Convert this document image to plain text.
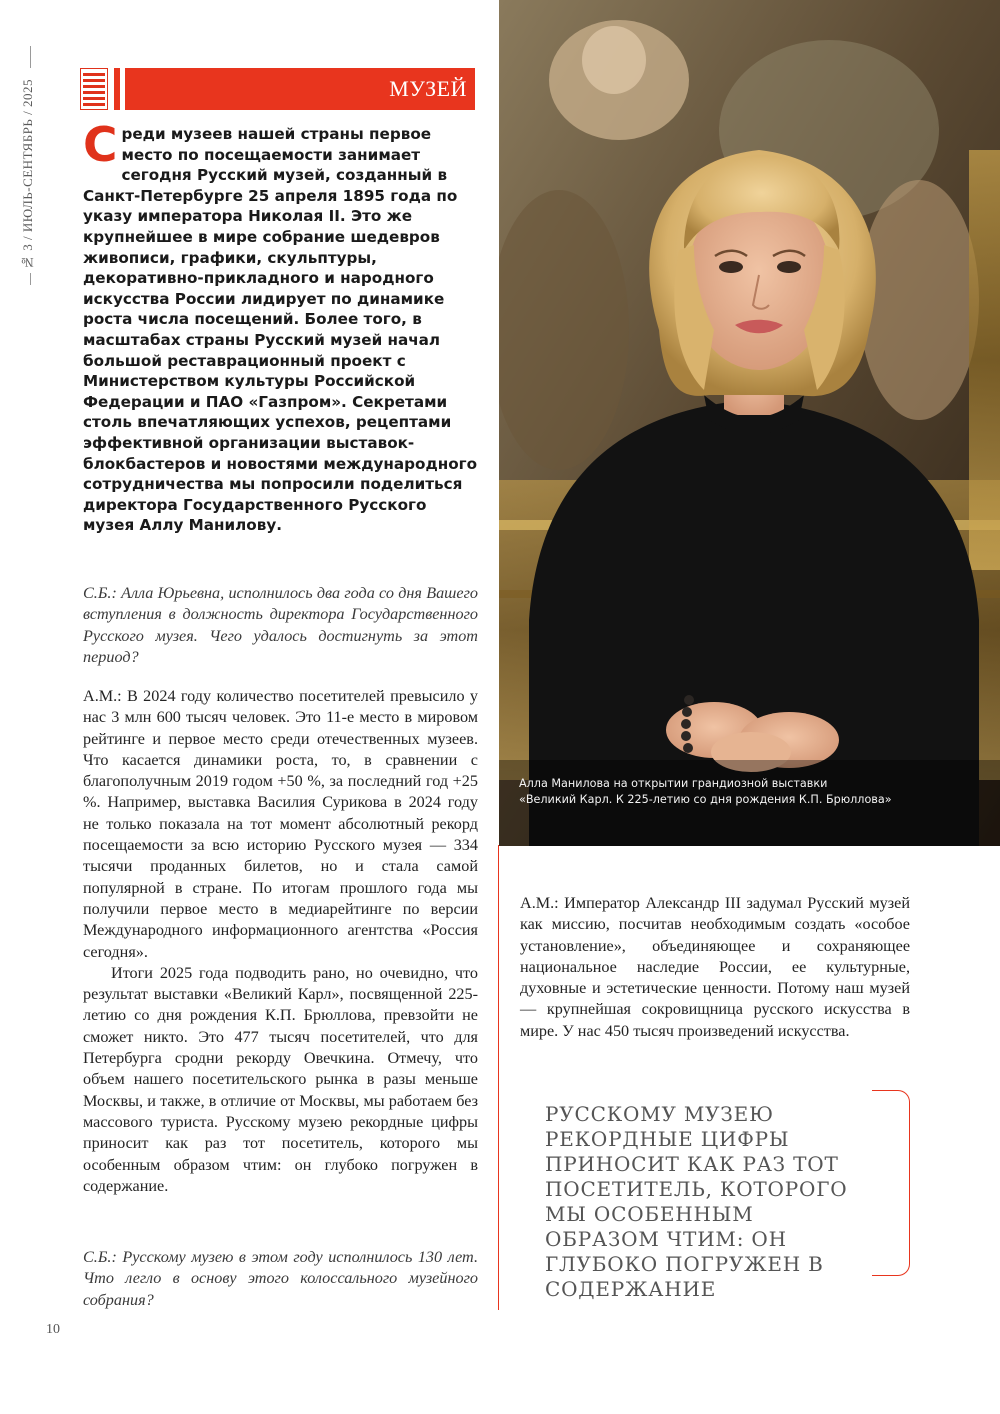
№ 3 / ИЮЛЬ-СЕНТЯБРЬ / 2025	МУЗЕЙ

Среди музеев нашей страны первое место по посещаемости занимает сегодня Русский музей, созданный в Санкт-Петербурге 25 апреля 1895 года по указу императора Николая II. Это же крупнейшее в мире собрание шедевров живописи, графики, скульптуры, декоративно-прикладного и народного искусства России лидирует по динамике роста числа посещений. Более того, в масштабах страны Русский музей начал большой реставрационный проект с Министерством культуры Российской Федерации и ПАО «Газпром». Секретами столь впечатляющих успехов, рецептами эффективной организации выставок-блокбастеров и новостями международного сотрудничества мы попросили поделиться директора Государственного Русского музея Аллу Манилову.

С.Б.: Алла Юрьевна, исполнилось два года со дня Вашего вступления в должность директора Государственного Русского музея. Чего удалось достигнуть за этот период?

А.М.: В 2024 году количество посетителей превысило у нас 3 млн 600 тысяч человек. Это 11-е место в мировом рейтинге и первое место среди отечественных музеев. Что касается динамики роста, то, в сравнении с благополучным 2019 годом +50 %, за последний год +25 %. Например, выставка Василия Сурикова в 2024 году не только показала на тот момент абсолютный рекорд посещаемости за всю историю Русского музея — 334 тысячи проданных билетов, но и стала самой популярной в стране. По итогам прошлого года мы получили первое место в медиарейтинге по версии Международного информационного агентства «Россия сегодня».

Итоги 2025 года подводить рано, но очевидно, что результат выставки «Великий Карл», посвященной 225-летию со дня рождения К.П. Брюллова, превзойти не сможет никто. Это 477 тысяч посетителей, что для Петербурга сродни рекорду Овечкина. Отмечу, что объем нашего посетительского рынка в разы меньше Москвы, и также, в отличие от Москвы, мы работаем без массового туриста. Русскому музею рекордные цифры приносит как раз тот посетитель, которого мы особенным образом чтим: он глубоко погружен в содержание.

С.Б.: Русскому музею в этом году исполнилось 130 лет. Что легло в основу этого колоссального музейного собрания?

Алла Манилова на открытии грандиозной выставки
«Великий Карл. К 225-летию со дня рождения К.П. Брюллова»

А.М.: Император Александр III задумал Русский музей как миссию, посчитав необходимым создать «особое установление», объединяющее и сохраняющее национальное наследие России, ее культурные, духовные и эстетические ценности. Потому наш музей — крупнейшая сокровищница русского искусства в мире. У нас 450 тысяч произведений искусства.

РУССКОМУ МУЗЕЮ РЕКОРДНЫЕ ЦИФРЫ ПРИНОСИТ КАК РАЗ ТОТ ПОСЕТИТЕЛЬ, КОТОРОГО МЫ ОСОБЕННЫМ ОБРАЗОМ ЧТИМ: ОН ГЛУБОКО ПОГРУЖЕН В СОДЕРЖАНИЕ

10
